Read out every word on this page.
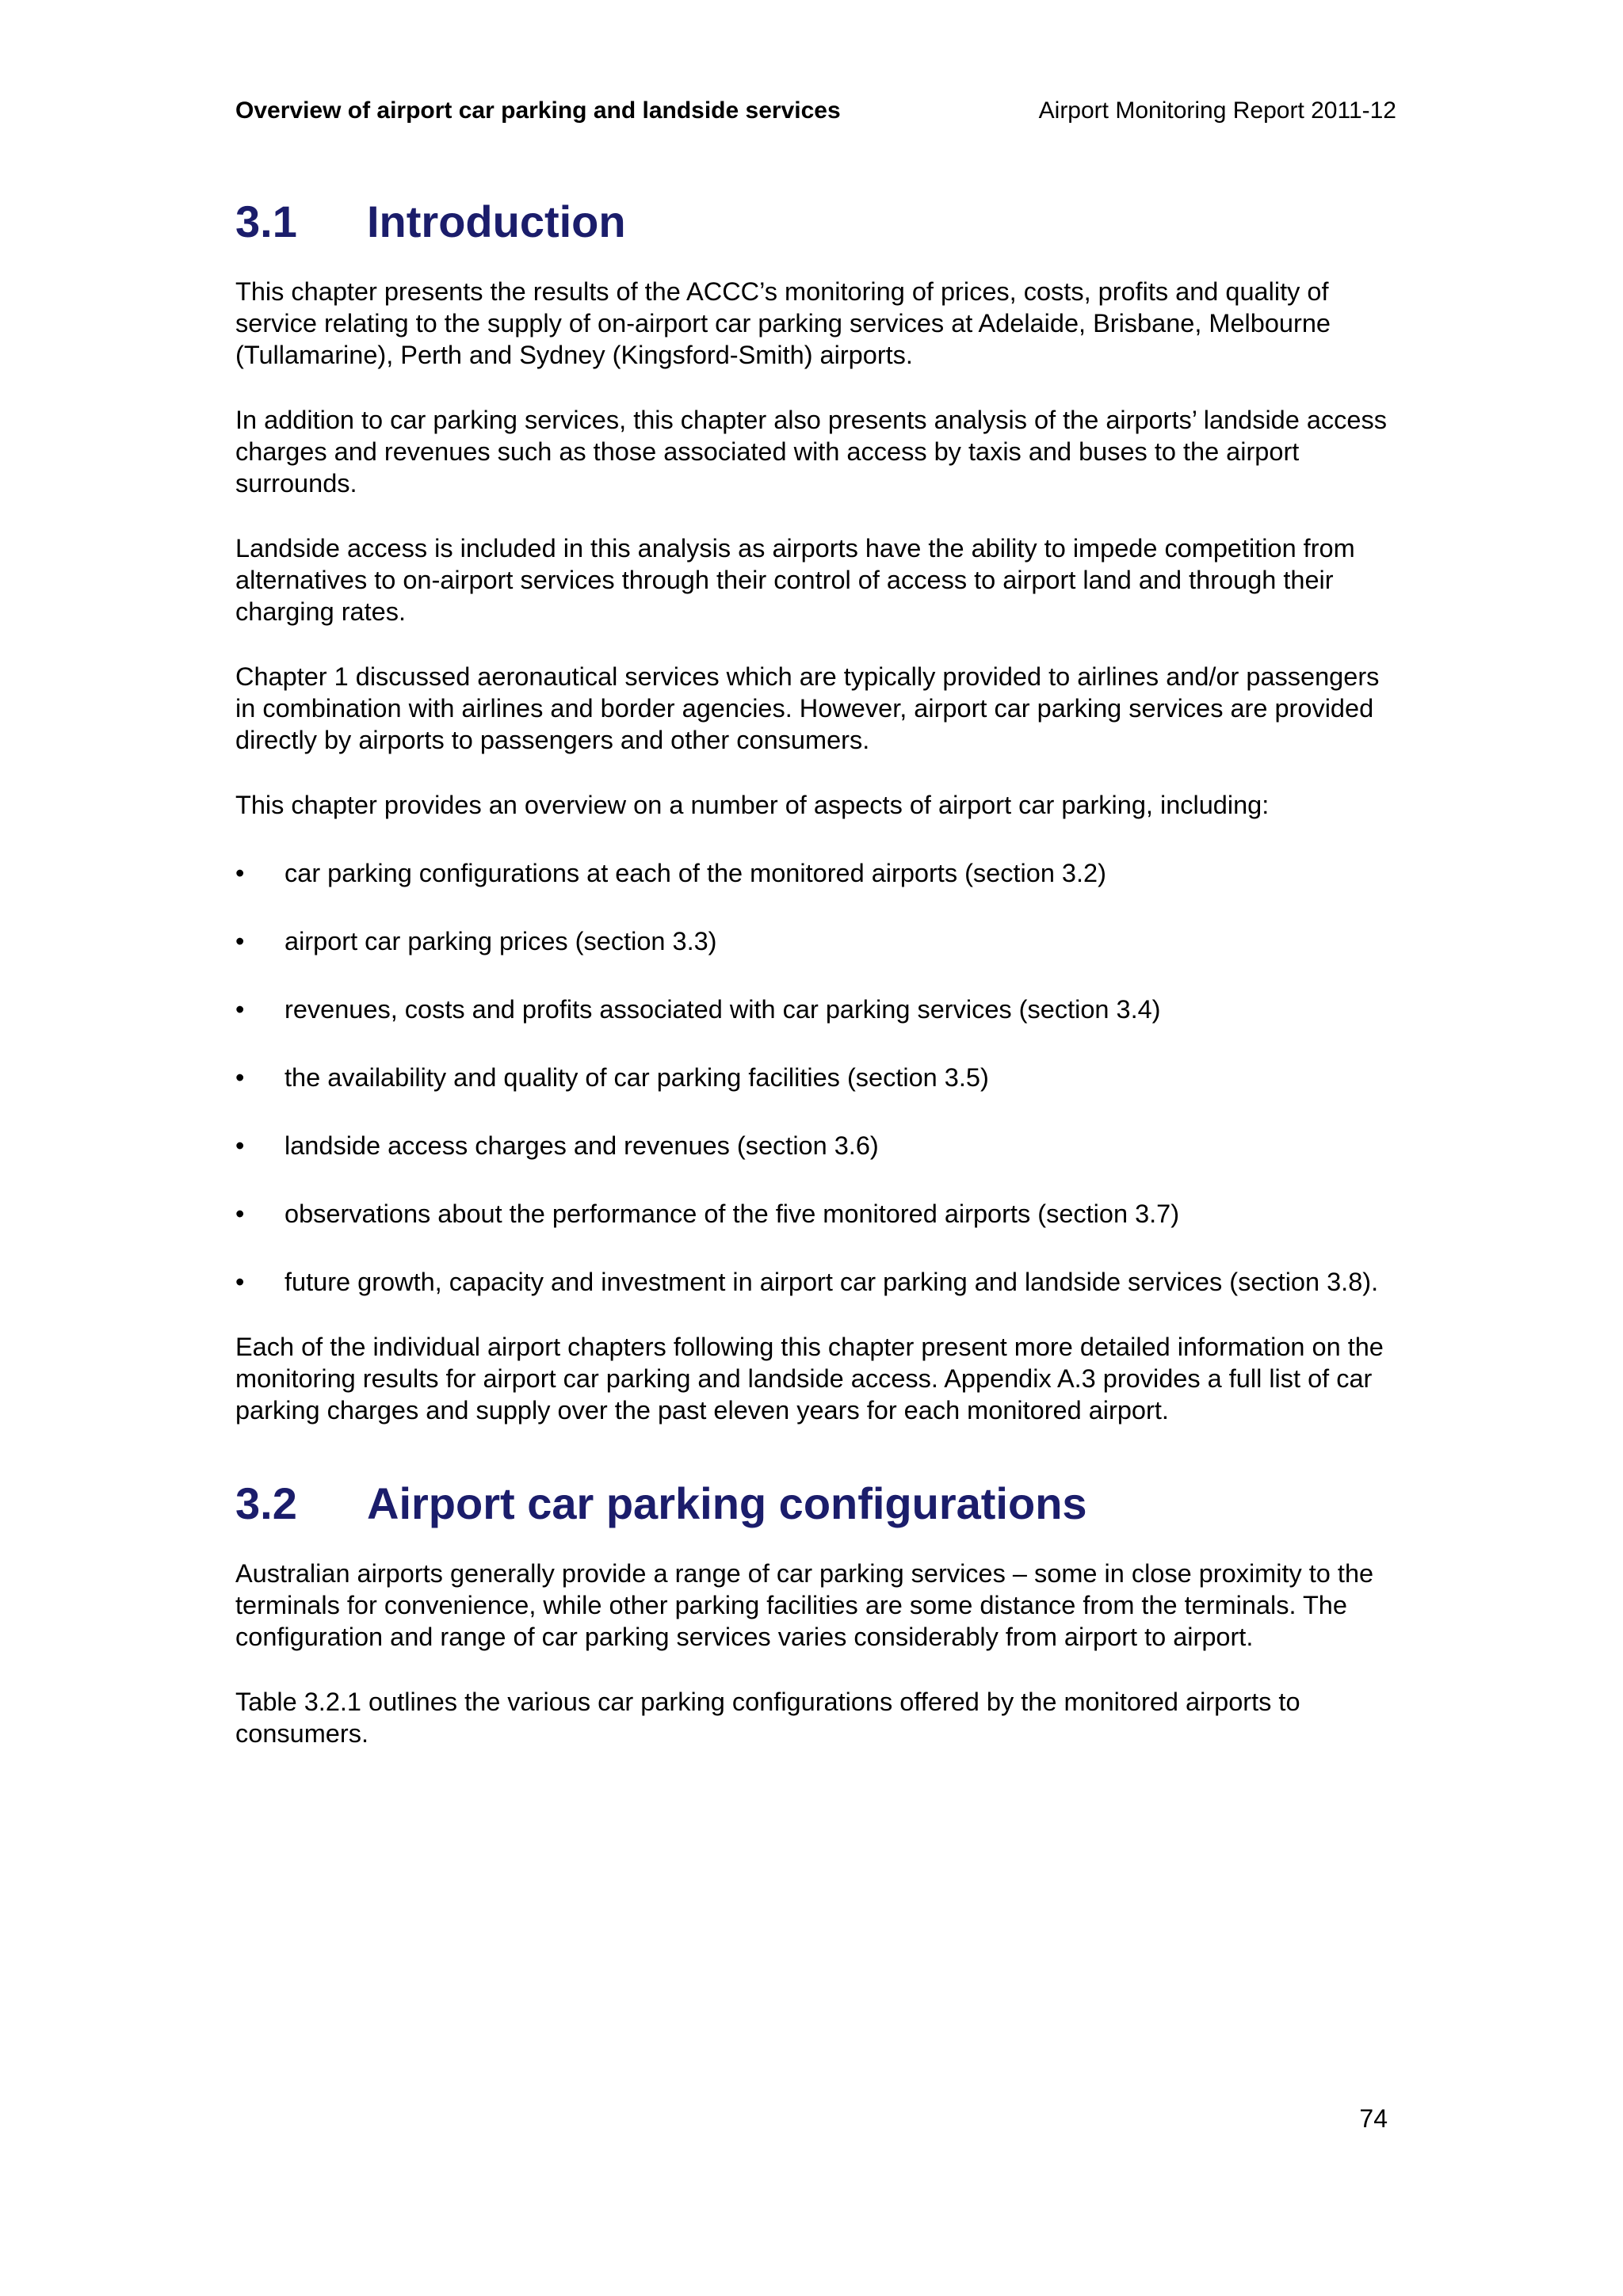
Overview of airport car parking and landside services	Airport Monitoring Report 2011-12
3.1	Introduction

This chapter presents the results of the ACCC’s monitoring of prices, costs, profits and quality of service relating to the supply of on-airport car parking services at Adelaide, Brisbane, Melbourne (Tullamarine), Perth and Sydney (Kingsford-Smith) airports.

In addition to car parking services, this chapter also presents analysis of the airports’ landside access charges and revenues such as those associated with access by taxis and buses to the airport surrounds.

Landside access is included in this analysis as airports have the ability to impede competition from alternatives to on-airport services through their control of access to airport land and through their charging rates.

Chapter 1 discussed aeronautical services which are typically provided to airlines and/or passengers in combination with airlines and border agencies. However, airport car parking services are provided directly by airports to passengers and other consumers.

This chapter provides an overview on a number of aspects of airport car parking, including:

•	car parking configurations at each of the monitored airports (section 3.2)
•	airport car parking prices (section 3.3)
•	revenues, costs and profits associated with car parking services (section 3.4)
•	the availability and quality of car parking facilities (section 3.5)
•	landside access charges and revenues (section 3.6)
•	observations about the performance of the five monitored airports (section 3.7)
•	future growth, capacity and investment in airport car parking and landside services (section 3.8).

Each of the individual airport chapters following this chapter present more detailed information on the monitoring results for airport car parking and landside access. Appendix A.3 provides a full list of car parking charges and supply over the past eleven years for each monitored airport.

3.2	Airport car parking configurations

Australian airports generally provide a range of car parking services – some in close proximity to the terminals for convenience, while other parking facilities are some distance from the terminals. The configuration and range of car parking services varies considerably from airport to airport.

Table 3.2.1 outlines the various car parking configurations offered by the monitored airports to consumers.

74
